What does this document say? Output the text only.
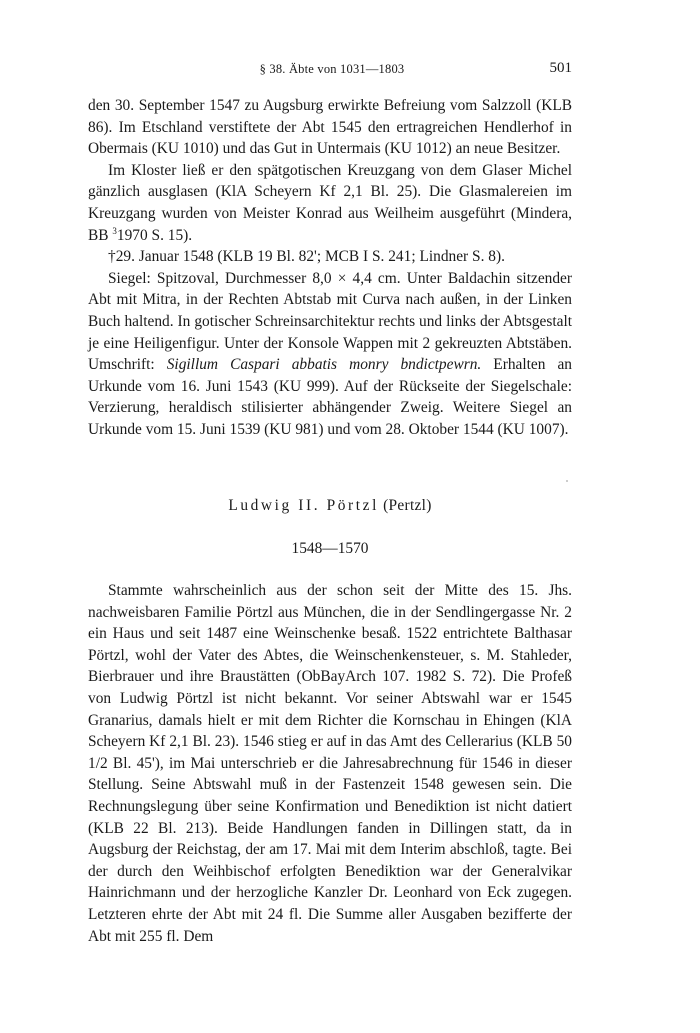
§ 38. Äbte von 1031—1803	501

den 30. September 1547 zu Augsburg erwirkte Befreiung vom Salzzoll (KLB 86). Im Etschland verstiftete der Abt 1545 den ertragreichen Hendlerhof in Obermais (KU 1010) und das Gut in Untermais (KU 1012) an neue Besitzer.

Im Kloster ließ er den spätgotischen Kreuzgang von dem Glaser Michel gänzlich ausglasen (KlA Scheyern Kf 2,1 Bl. 25). Die Glasmalereien im Kreuzgang wurden von Meister Konrad aus Weilheim ausgeführt (Mindera, BB $^3$1970 S. 15).

†29. Januar 1548 (KLB 19 Bl. 82'; MCB I S. 241; Lindner S. 8).

Siegel: Spitzoval, Durchmesser 8,0 × 4,4 cm. Unter Baldachin sitzender Abt mit Mitra, in der Rechten Abtstab mit Curva nach außen, in der Linken Buch haltend. In gotischer Schreinsarchitektur rechts und links der Abtsgestalt je eine Heiligenfigur. Unter der Konsole Wappen mit 2 gekreuzten Abtstäben. Umschrift: Sigillum Caspari abbatis monry bndictpewrn. Erhalten an Urkunde vom 16. Juni 1543 (KU 999). Auf der Rückseite der Siegelschale: Verzierung, heraldisch stilisierter abhängender Zweig. Weitere Siegel an Urkunde vom 15. Juni 1539 (KU 981) und vom 28. Oktober 1544 (KU 1007).

Ludwig II. Pörtzl (Pertzl)
1548—1570

Stammte wahrscheinlich aus der schon seit der Mitte des 15. Jhs. nachweisbaren Familie Pörtzl aus München, die in der Sendlingergasse Nr. 2 ein Haus und seit 1487 eine Weinschenke besaß. 1522 entrichtete Balthasar Pörtzl, wohl der Vater des Abtes, die Weinschenkensteuer, s. M. Stahleder, Bierbrauer und ihre Braustätten (ObBayArch 107. 1982 S. 72). Die Profeß von Ludwig Pörtzl ist nicht bekannt. Vor seiner Abtswahl war er 1545 Granarius, damals hielt er mit dem Richter die Kornschau in Ehingen (KlA Scheyern Kf 2,1 Bl. 23). 1546 stieg er auf in das Amt des Cellerarius (KLB 50 1/2 Bl. 45'), im Mai unterschrieb er die Jahresabrechnung für 1546 in dieser Stellung. Seine Abtswahl muß in der Fastenzeit 1548 gewesen sein. Die Rechnungslegung über seine Konfirmation und Benediktion ist nicht datiert (KLB 22 Bl. 213). Beide Handlungen fanden in Dillingen statt, da in Augsburg der Reichstag, der am 17. Mai mit dem Interim abschloß, tagte. Bei der durch den Weihbischof erfolgten Benediktion war der Generalvikar Hainrichmann und der herzogliche Kanzler Dr. Leonhard von Eck zugegen. Letzteren ehrte der Abt mit 24 fl. Die Summe aller Ausgaben bezifferte der Abt mit 255 fl. Dem
